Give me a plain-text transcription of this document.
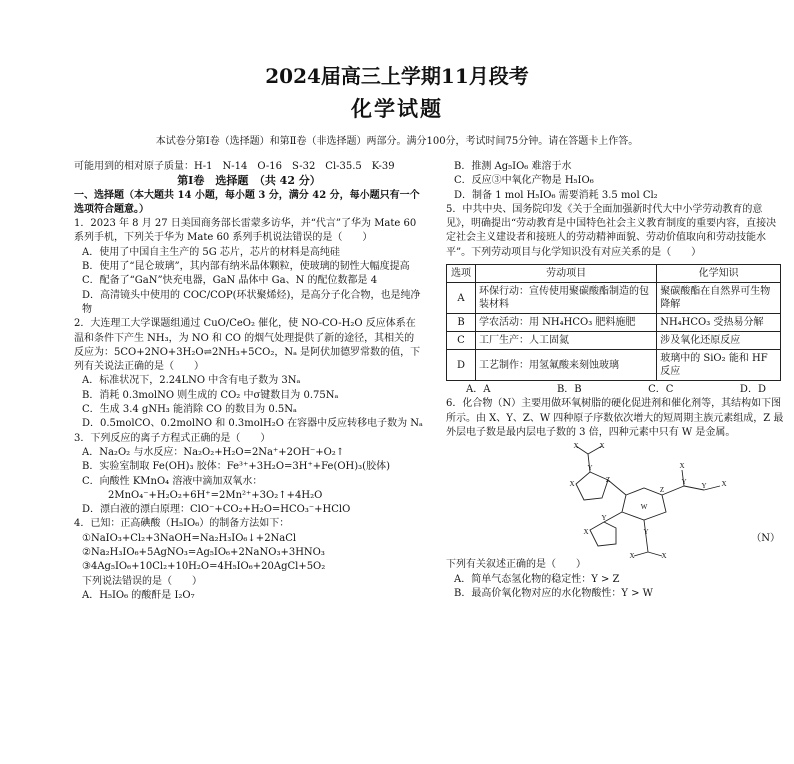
2024届高三上学期11月段考
化学试题
本试卷分第Ⅰ卷（选择题）和第Ⅱ卷（非选择题）两部分。满分100分，考试时间75分钟。请在答题卡上作答。
可能用到的相对原子质量：H-1　N-14　O-16　S-32　Cl-35.5　K-39
第Ⅰ卷　选择题　（共 42 分）
一、选择题（本大题共 14 小题，每小题 3 分，满分 42 分，每小题只有一个选项符合题意。）
1．2023 年 8 月 27 日美国商务部长雷蒙多访华，并“代言”了华为 Mate 60 系列手机，下列关于华为 Mate 60 系列手机说法错误的是（　　）
A．使用了中国自主生产的 5G 芯片，芯片的材料是高纯硅
B．使用了“昆仑玻璃”，其内部有纳米晶体颗粒，使玻璃的韧性大幅度提高
C．配备了“GaN”快充电器，GaN 晶体中 Ga、N 的配位数都是 4
D．高清镜头中使用的 COC/COP(环状聚烯烃)，是高分子化合物，也是纯净物
2．大连理工大学课题组通过 CuO/CeO₂ 催化，使 NO-CO-H₂O 反应体系在温和条件下产生 NH₃，为 NO 和 CO 的烟气处理提供了新的途径，其相关的反应为：5CO+2NO+3H₂O⇌2NH₃+5CO₂，Nₐ 是阿伏加德罗常数的值，下列有关说法正确的是（　　）
A．标准状况下，2.24LNO 中含有电子数为 3Nₐ
B．消耗 0.3molNO 则生成的 CO₂ 中σ键数目为 0.75Nₐ
C．生成 3.4 gNH₃ 能消除 CO 的数目为 0.5Nₐ
D．0.5molCO、0.2molNO 和 0.3molH₂O 在容器中反应转移电子数为 Nₐ
3．下列反应的离子方程式正确的是（　　）
A．Na₂O₂ 与水反应：Na₂O₂+H₂O=2Na⁺+2OH⁻+O₂↑
B．实验室制取 Fe(OH)₃ 胶体：Fe³⁺+3H₂O=3H⁺+Fe(OH)₃(胶体)
C．向酸性 KMnO₄ 溶液中滴加双氧水：
2MnO₄⁻+H₂O₂+6H⁺=2Mn²⁺+3O₂↑+4H₂O
D．漂白液的漂白原理：ClO⁻+CO₂+H₂O=HCO₃⁻+HClO
4．已知：正高碘酸（H₅IO₆）的制备方法如下：
①NaIO₃+Cl₂+3NaOH=Na₂H₃IO₆↓+2NaCl
②Na₂H₃IO₆+5AgNO₃=Ag₅IO₆+2NaNO₃+3HNO₃
③4Ag₅IO₆+10Cl₂+10H₂O=4H₅IO₆+20AgCl+5O₂
下列说法错误的是（　　）
A．H₅IO₆ 的酸酐是 I₂O₇
B．推测 Ag₅IO₆ 难溶于水
C．反应③中氧化产物是 H₅IO₆
D．制备 1 mol H₅IO₆ 需要消耗 3.5 mol Cl₂
5．中共中央、国务院印发《关于全面加强新时代大中小学劳动教育的意见》，明确提出“劳动教育是中国特色社会主义教育制度的重要内容，直接决定社会主义建设者和接班人的劳动精神面貌、劳动价值取向和劳动技能水平”。下列劳动项目与化学知识没有对应关系的是（　　）
选项	劳动项目	化学知识
A	环保行动：宣传使用聚碳酸酯制造的包装材料	聚碳酸酯在自然界可生物降解
B	学农活动：用 NH₄HCO₃ 肥料施肥	NH₄HCO₃ 受热易分解
C	工厂生产：人工固氮	涉及氧化还原反应
D	工艺制作：用氢氟酸来刻蚀玻璃	玻璃中的 SiO₂ 能和 HF 反应
A．A	B．B	C．C	D．D
6．化合物（N）主要用做环氧树脂的硬化促进剂和催化剂等，其结构如下图所示。由 X、Y、Z、W 四种原子序数依次增大的短周期主族元素组成，Z 最外层电子数是最内层电子数的 3 倍，四种元素中只有 W 是金属。
W
Z
Z
Y
Y Y
Y
Y
X	X
X
X
X
X
X	X
（N）
下列有关叙述正确的是（　　）
A．简单气态氢化物的稳定性：Y > Z
B．最高价氧化物对应的水化物酸性：Y > W
